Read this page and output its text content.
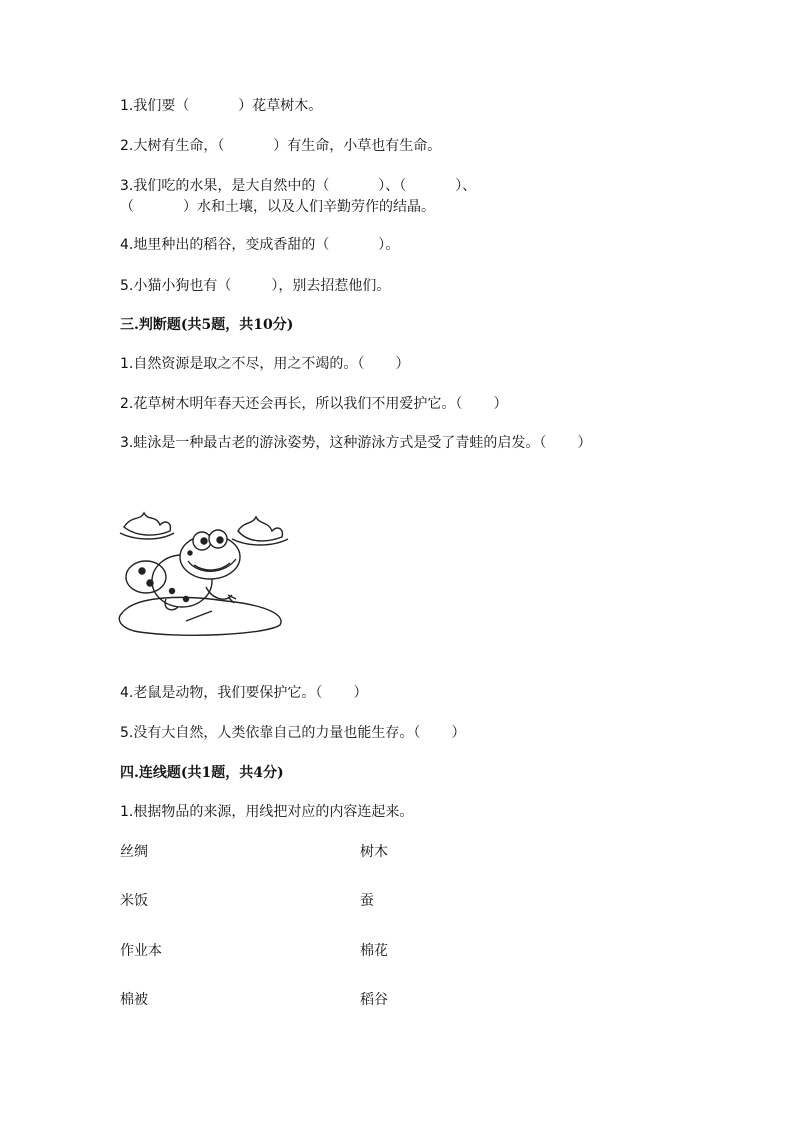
1.我们要（           ）花草树木。
2.大树有生命，（           ）有生命，小草也有生命。
3.我们吃的水果，是大自然中的（           ）、（           ）、
（           ）水和土壤，以及人们辛勤劳作的结晶。
4.地里种出的稻谷，变成香甜的（           ）。
5.小猫小狗也有（         ），别去招惹他们。
三.判断题(共5题，共10分)
1.自然资源是取之不尽，用之不竭的。（       ）
2.花草树木明年春天还会再长，所以我们不用爱护它。（       ）
3.蛙泳是一种最古老的游泳姿势，这种游泳方式是受了青蛙的启发。（       ）
4.老鼠是动物，我们要保护它。（       ）
5.没有大自然，人类依靠自己的力量也能生存。（       ）
四.连线题(共1题，共4分)
1.根据物品的来源，用线把对应的内容连起来。
丝绸	树木
米饭	蚕
作业本	棉花
棉被	稻谷
